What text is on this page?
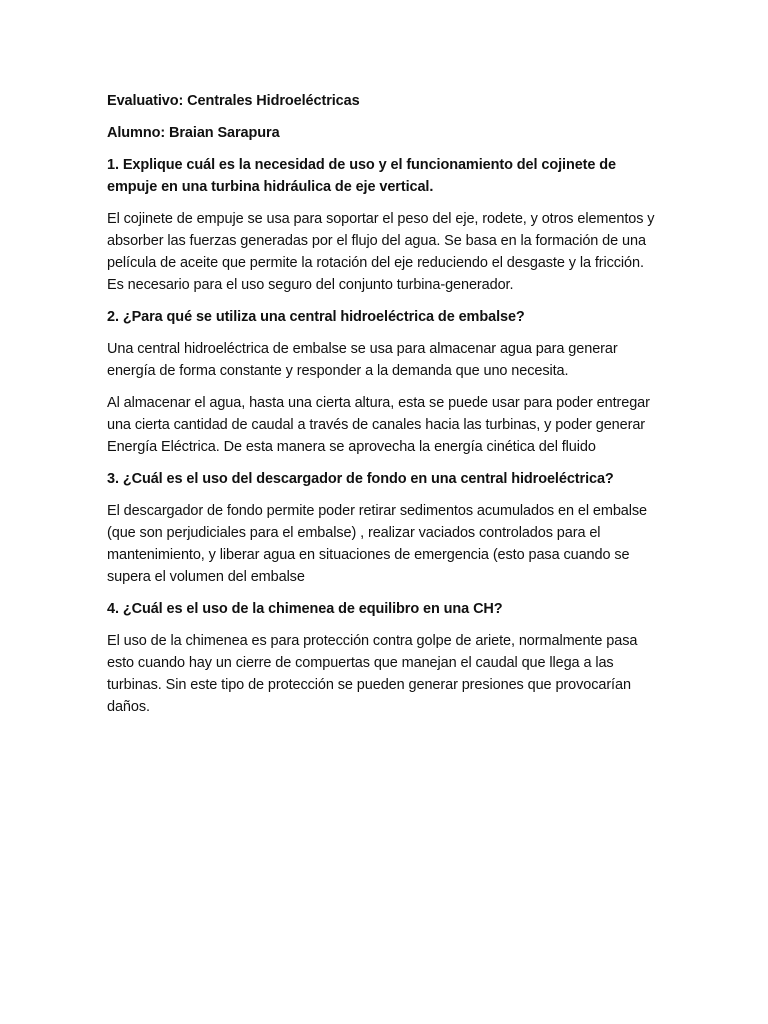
Evaluativo: Centrales Hidroeléctricas

Alumno: Braian Sarapura

1. Explique cuál es la necesidad de uso y el funcionamiento del cojinete de empuje en una turbina hidráulica de eje vertical.

El cojinete de empuje se usa para soportar el peso del eje, rodete, y otros elementos y absorber las fuerzas generadas por el flujo del agua. Se basa en la formación de una película de aceite que permite la rotación del eje reduciendo el desgaste y la fricción. Es necesario para el uso seguro del conjunto turbina-generador.

2. ¿Para qué se utiliza una central hidroeléctrica de embalse?

Una central hidroeléctrica de embalse se usa para almacenar agua para generar energía de forma constante y responder a la demanda que uno necesita.

Al almacenar el agua, hasta una cierta altura, esta se puede usar para poder entregar una cierta cantidad de caudal a través de canales hacia las turbinas, y poder generar Energía Eléctrica. De esta manera se aprovecha la energía cinética del fluido

3. ¿Cuál es el uso del descargador de fondo en una central hidroeléctrica?

El descargador de fondo permite poder retirar sedimentos acumulados en el embalse (que son perjudiciales para el embalse) , realizar vaciados controlados para el mantenimiento, y liberar agua en situaciones de emergencia (esto pasa cuando se supera el volumen del embalse

4. ¿Cuál es el uso de la chimenea de equilibro en una CH?

El uso de la chimenea es para protección contra golpe de ariete, normalmente pasa esto cuando hay un cierre de compuertas que manejan el caudal que llega a las turbinas. Sin este tipo de protección se pueden generar presiones que provocarían daños.
